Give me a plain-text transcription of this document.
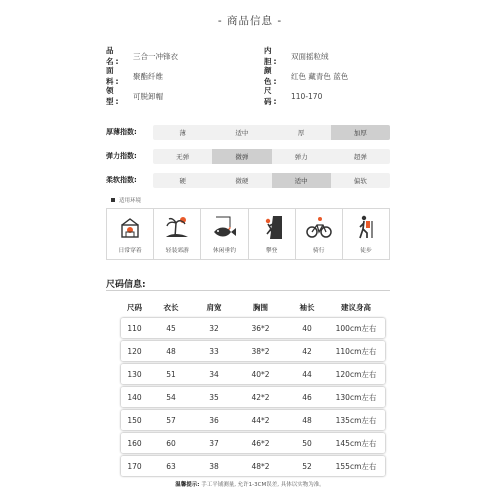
- 商品信息 -
品 名:
三合一冲锋衣
内 胆:
双面摇粒绒
面 料:
聚酯纤维
颜 色:
红色 藏青色 蓝色
领 型:
可脱卸帽
尺 码:
110-170
厚薄指数:	薄	适中	厚	加厚
弹力指数:	无弹	微弹	弹力	超弹
柔软指数:	硬	微硬	适中	偏软
适用环境
日常穿着	轻装郊游	休闲垂钓	攀登	骑行	徒步
尺码信息:
尺码	衣长	肩宽	胸围	袖长	建议身高
110	45	32	36*2	40	100cm左右
120	48	33	38*2	42	110cm左右
130	51	34	40*2	44	120cm左右
140	54	35	42*2	46	130cm左右
150	57	36	44*2	48	135cm左右
160	60	37	46*2	50	145cm左右
170	63	38	48*2	52	155cm左右
温馨提示: 手工平铺测量, 允许1-3CM误差, 具体以实物为准。
